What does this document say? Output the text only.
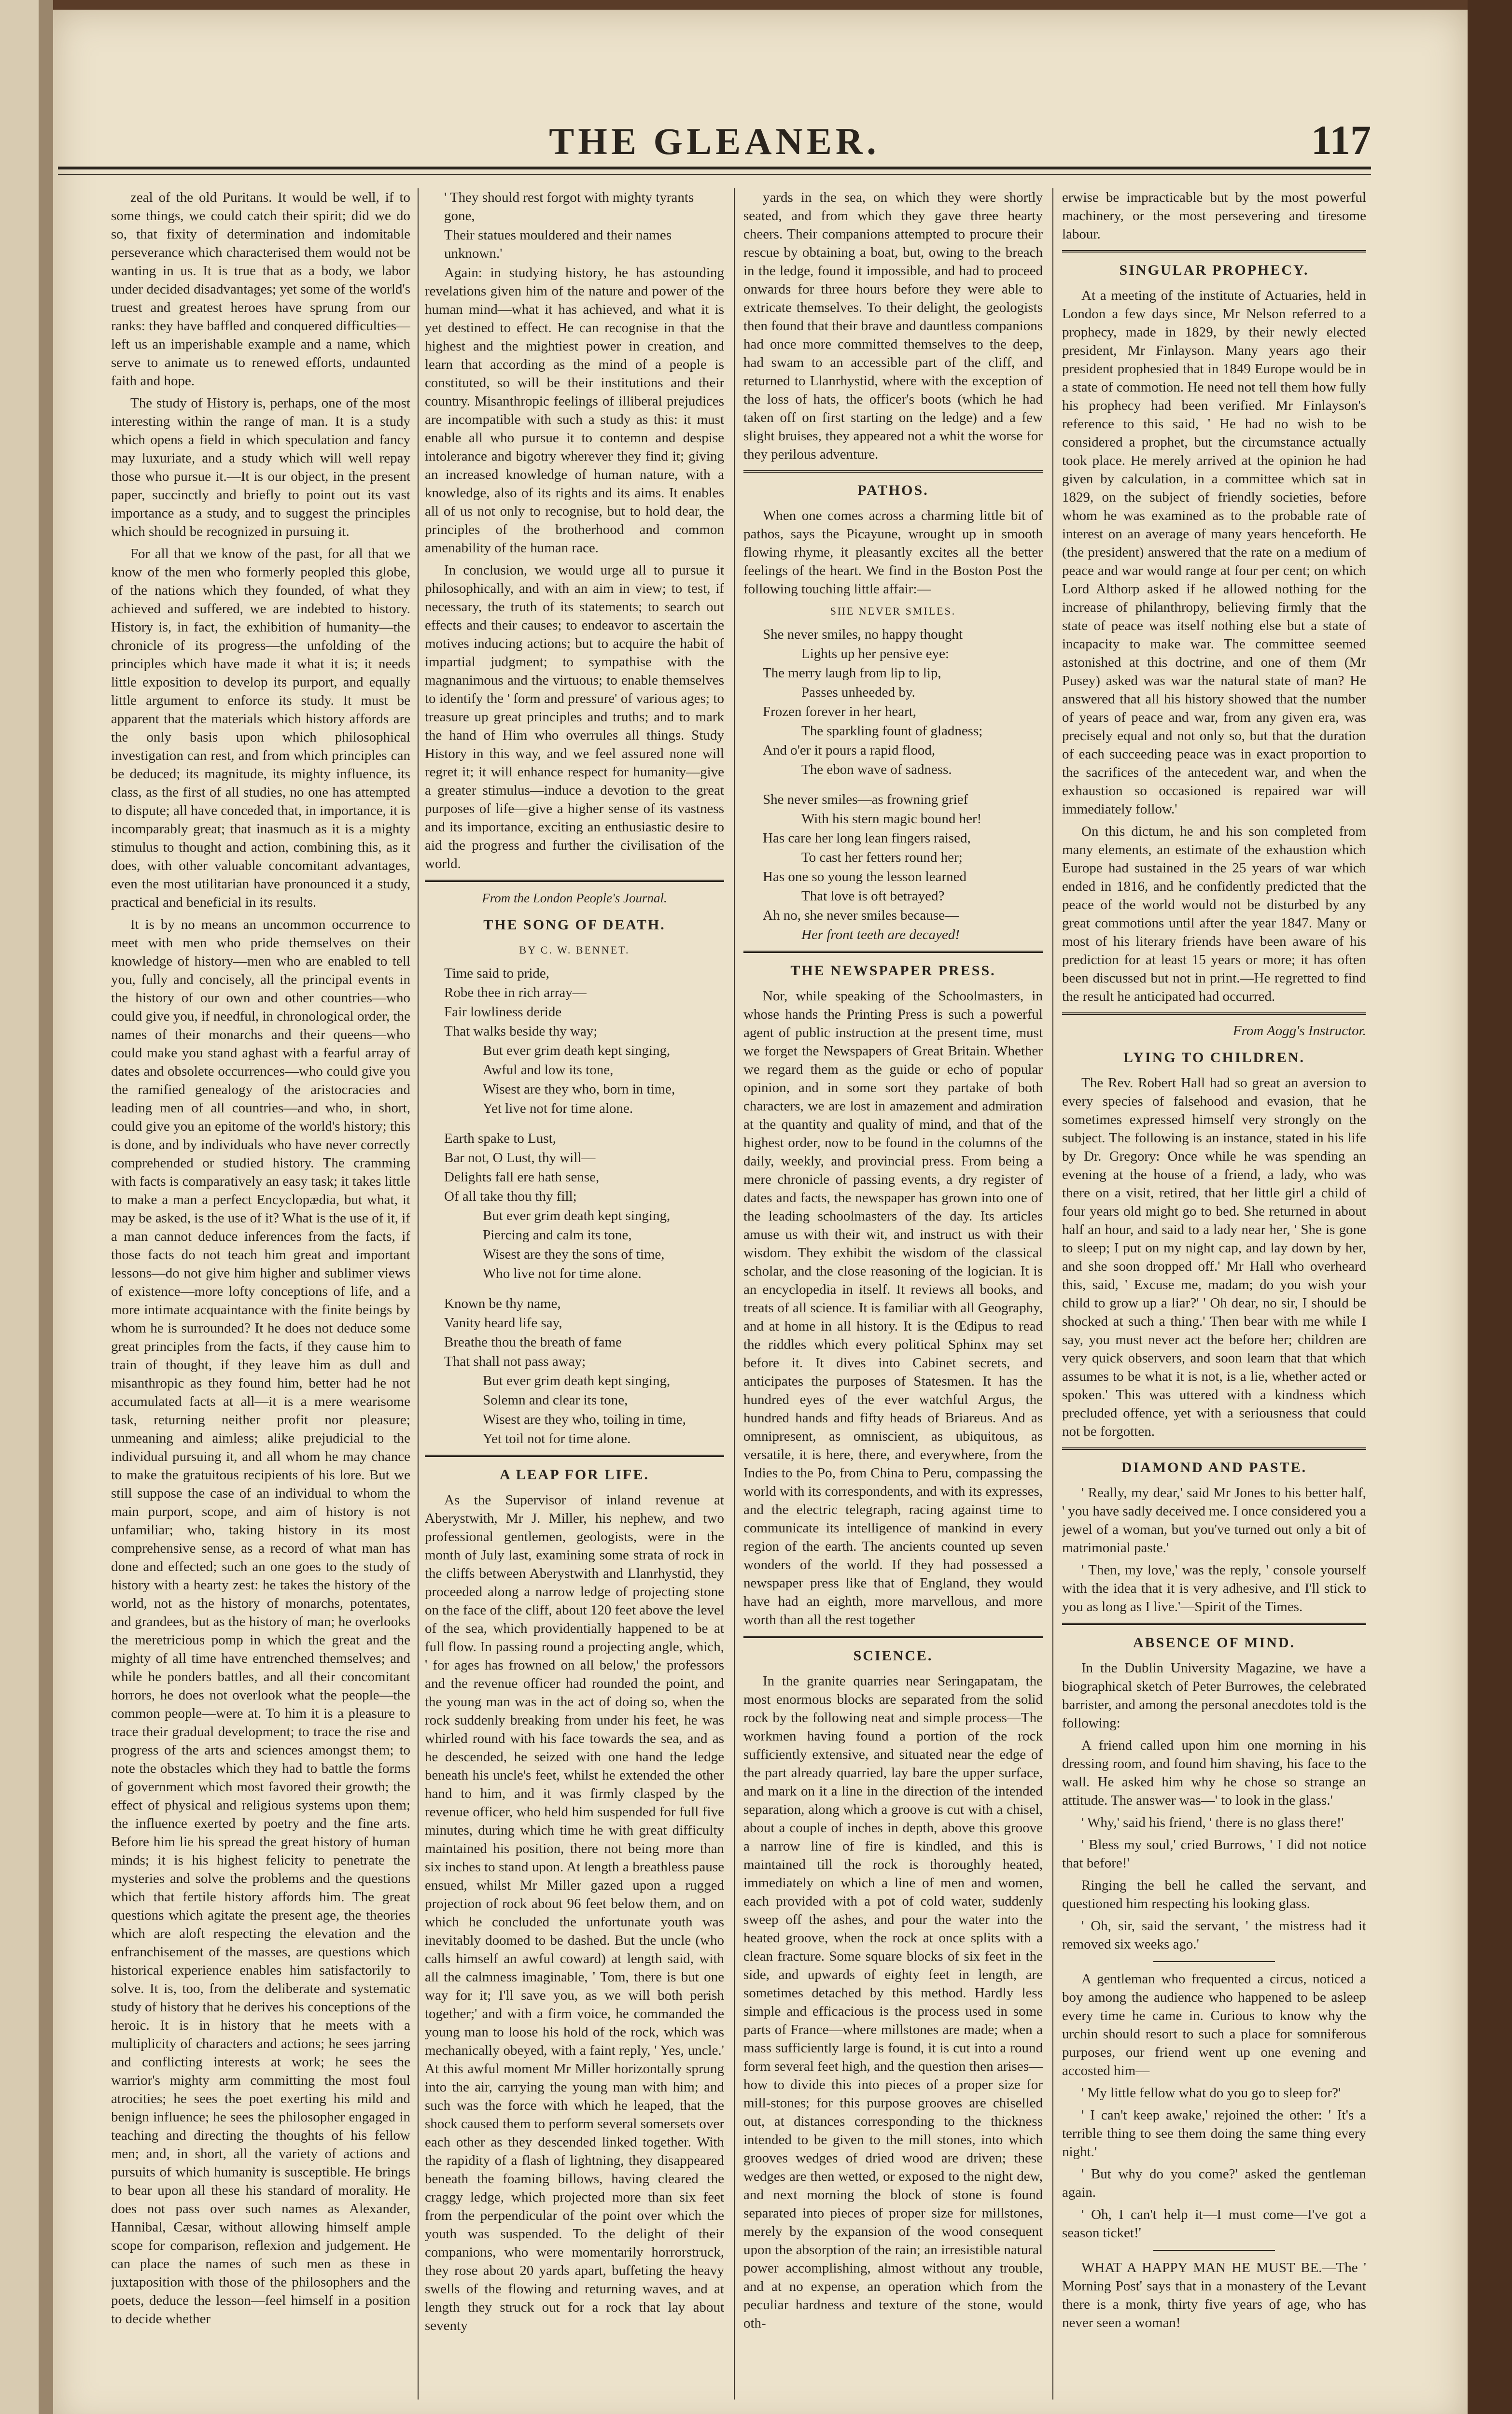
THE GLEANER.	117

zeal of the old Puritans. It would be well, if to some things, we could catch their spirit; did we do so, that fixity of determination and indomitable perseverance which characterised them would not be wanting in us. It is true that as a body, we labor under decided disadvantages; yet some of the world's truest and greatest heroes have sprung from our ranks: they have baffled and conquered difficulties—left us an imperishable example and a name, which serve to animate us to renewed efforts, undaunted faith and hope.

The study of History is, perhaps, one of the most interesting within the range of man. It is a study which opens a field in which speculation and fancy may luxuriate, and a study which will well repay those who pursue it.—It is our object, in the present paper, succinctly and briefly to point out its vast importance as a study, and to suggest the principles which should be recognized in pursuing it.

For all that we know of the past, for all that we know of the men who formerly peopled this globe, of the nations which they founded, of what they achieved and suffered, we are indebted to history. History is, in fact, the exhibition of humanity—the chronicle of its progress—the unfolding of the principles which have made it what it is; it needs little exposition to develop its purport, and equally little argument to enforce its study. It must be apparent that the materials which history affords are the only basis upon which philosophical investigation can rest, and from which principles can be deduced; its magnitude, its mighty influence, its class, as the first of all studies, no one has attempted to dispute; all have conceded that, in importance, it is incomparably great; that inasmuch as it is a mighty stimulus to thought and action, combining this, as it does, with other valuable concomitant advantages, even the most utilitarian have pronounced it a study, practical and beneficial in its results.

It is by no means an uncommon occurrence to meet with men who pride themselves on their knowledge of history—men who are enabled to tell you, fully and concisely, all the principal events in the history of our own and other countries—who could give you, if needful, in chronological order, the names of their monarchs and their queens—who could make you stand aghast with a fearful array of dates and obsolete occurrences—who could give you the ramified genealogy of the aristocracies and leading men of all countries—and who, in short, could give you an epitome of the world's history; this is done, and by individuals who have never correctly comprehended or studied history. The cramming with facts is comparatively an easy task; it takes little to make a man a perfect Encyclopædia, but what, it may be asked, is the use of it? What is the use of it, if a man cannot deduce inferences from the facts, if those facts do not teach him great and important lessons—do not give him higher and sublimer views of existence—more lofty conceptions of life, and a more intimate acquaintance with the finite beings by whom he is surrounded? It he does not deduce some great principles from the facts, if they cause him to train of thought, if they leave him as dull and misanthropic as they found him, better had he not accumulated facts at all—it is a mere wearisome task, returning neither profit nor pleasure; unmeaning and aimless; alike prejudicial to the individual pursuing it, and all whom he may chance to make the gratuitous recipients of his lore. But we still suppose the case of an individual to whom the main purport, scope, and aim of history is not unfamiliar; who, taking history in its most comprehensive sense, as a record of what man has done and effected; such an one goes to the study of history with a hearty zest: he takes the history of the world, not as the history of monarchs, potentates, and grandees, but as the history of man; he overlooks the meretricious pomp in which the great and the mighty of all time have entrenched themselves; and while he ponders battles, and all their concomitant horrors, he does not overlook what the people—the common people—were at. To him it is a pleasure to trace their gradual development; to trace the rise and progress of the arts and sciences amongst them; to note the obstacles which they had to battle the forms of government which most favored their growth; the effect of physical and religious systems upon them; the influence exerted by poetry and the fine arts. Before him lie his spread the great history of human minds; it is his highest felicity to penetrate the mysteries and solve the problems and the questions which that fertile history affords him. The great questions which agitate the present age, the theories which are aloft respecting the elevation and the enfranchisement of the masses, are questions which historical experience enables him satisfactorily to solve. It is, too, from the deliberate and systematic study of history that he derives his conceptions of the heroic. It is in history that he meets with a multiplicity of characters and actions; he sees jarring and conflicting interests at work; he sees the warrior's mighty arm committing the most foul atrocities; he sees the poet exerting his mild and benign influence; he sees the philosopher engaged in teaching and directing the thoughts of his fellow men; and, in short, all the variety of actions and pursuits of which humanity is susceptible. He brings to bear upon all these his standard of morality. He does not pass over such names as Alexander, Hannibal, Cæsar, without allowing himself ample scope for comparison, reflexion and judgement. He can place the names of such men as these in juxtaposition with those of the philosophers and the poets, deduce the lesson—feel himself in a position to decide whether

' They should rest forgot with mighty tyrants gone,

Their statues mouldered and their names unknown.'

Again: in studying history, he has astounding revelations given him of the nature and power of the human mind—what it has achieved, and what it is yet destined to effect. He can recognise in that the highest and the mightiest power in creation, and learn that according as the mind of a people is constituted, so will be their institutions and their country. Misanthropic feelings of illiberal prejudices are incompatible with such a study as this: it must enable all who pursue it to contemn and despise intolerance and bigotry wherever they find it; giving an increased knowledge of human nature, with a knowledge, also of its rights and its aims. It enables all of us not only to recognise, but to hold dear, the principles of the brotherhood and common amenability of the human race.

In conclusion, we would urge all to pursue it philosophically, and with an aim in view; to test, if necessary, the truth of its statements; to search out effects and their causes; to endeavor to ascertain the motives inducing actions; but to acquire the habit of impartial judgment; to sympathise with the magnanimous and the virtuous; to enable themselves to identify the ' form and pressure' of various ages; to treasure up great principles and truths; and to mark the hand of Him who overrules all things. Study History in this way, and we feel assured none will regret it; it will enhance respect for humanity—give a greater stimulus—induce a devotion to the great purposes of life—give a higher sense of its vastness and its importance, exciting an enthusiastic desire to aid the progress and further the civilisation of the world.

From the London People's Journal.

THE SONG OF DEATH.

BY C. W. BENNET.

Time said to pride,

Robe thee in rich array—

Fair lowliness deride

That walks beside thy way;

But ever grim death kept singing,

Awful and low its tone,

Wisest are they who, born in time,

Yet live not for time alone.

Earth spake to Lust,

Bar not, O Lust, thy will—

Delights fall ere hath sense,

Of all take thou thy fill;

But ever grim death kept singing,

Piercing and calm its tone,

Wisest are they the sons of time,

Who live not for time alone.

Known be thy name,

Vanity heard life say,

Breathe thou the breath of fame

That shall not pass away;

But ever grim death kept singing,

Solemn and clear its tone,

Wisest are they who, toiling in time,

Yet toil not for time alone.

A LEAP FOR LIFE.

As the Supervisor of inland revenue at Aberystwith, Mr J. Miller, his nephew, and two professional gentlemen, geologists, were in the month of July last, examining some strata of rock in the cliffs between Aberystwith and Llanrhystid, they proceeded along a narrow ledge of projecting stone on the face of the cliff, about 120 feet above the level of the sea, which providentially happened to be at full flow. In passing round a projecting angle, which, ' for ages has frowned on all below,' the professors and the revenue officer had rounded the point, and the young man was in the act of doing so, when the rock suddenly breaking from under his feet, he was whirled round with his face towards the sea, and as he descended, he seized with one hand the ledge beneath his uncle's feet, whilst he extended the other hand to him, and it was firmly clasped by the revenue officer, who held him suspended for full five minutes, during which time he with great difficulty maintained his position, there not being more than six inches to stand upon. At length a breathless pause ensued, whilst Mr Miller gazed upon a rugged projection of rock about 96 feet below them, and on which he concluded the unfortunate youth was inevitably doomed to be dashed. But the uncle (who calls himself an awful coward) at length said, with all the calmness imaginable, ' Tom, there is but one way for it; I'll save you, as we will both perish together;' and with a firm voice, he commanded the young man to loose his hold of the rock, which was mechanically obeyed, with a faint reply, ' Yes, uncle.' At this awful moment Mr Miller horizontally sprung into the air, carrying the young man with him; and such was the force with which he leaped, that the shock caused them to perform several somersets over each other as they descended linked together. With the rapidity of a flash of lightning, they disappeared beneath the foaming billows, having cleared the craggy ledge, which projected more than six feet from the perpendicular of the point over which the youth was suspended. To the delight of their companions, who were momentarily horrorstruck, they rose about 20 yards apart, buffeting the heavy swells of the flowing and returning waves, and at length they struck out for a rock that lay about seventy

yards in the sea, on which they were shortly seated, and from which they gave three hearty cheers. Their companions attempted to procure their rescue by obtaining a boat, but, owing to the breach in the ledge, found it impossible, and had to proceed onwards for three hours before they were able to extricate themselves. To their delight, the geologists then found that their brave and dauntless companions had once more committed themselves to the deep, had swam to an accessible part of the cliff, and returned to Llanrhystid, where with the exception of the loss of hats, the officer's boots (which he had taken off on first starting on the ledge) and a few slight bruises, they appeared not a whit the worse for they perilous adventure.

PATHOS.

When one comes across a charming little bit of pathos, says the Picayune, wrought up in smooth flowing rhyme, it pleasantly excites all the better feelings of the heart. We find in the Boston Post the following touching little affair:—

SHE NEVER SMILES.

She never smiles, no happy thought

Lights up her pensive eye:

The merry laugh from lip to lip,

Passes unheeded by.

Frozen forever in her heart,

The sparkling fount of gladness;

And o'er it pours a rapid flood,

The ebon wave of sadness.

She never smiles—as frowning grief

With his stern magic bound her!

Has care her long lean fingers raised,

To cast her fetters round her;

Has one so young the lesson learned

That love is oft betrayed?

Ah no, she never smiles because—

Her front teeth are decayed!

THE NEWSPAPER PRESS.

Nor, while speaking of the Schoolmasters, in whose hands the Printing Press is such a powerful agent of public instruction at the present time, must we forget the Newspapers of Great Britain. Whether we regard them as the guide or echo of popular opinion, and in some sort they partake of both characters, we are lost in amazement and admiration at the quantity and quality of mind, and that of the highest order, now to be found in the columns of the daily, weekly, and provincial press. From being a mere chronicle of passing events, a dry register of dates and facts, the newspaper has grown into one of the leading schoolmasters of the day. Its articles amuse us with their wit, and instruct us with their wisdom. They exhibit the wisdom of the classical scholar, and the close reasoning of the logician. It is an encyclopedia in itself. It reviews all books, and treats of all science. It is familiar with all Geography, and at home in all history. It is the Œdipus to read the riddles which every political Sphinx may set before it. It dives into Cabinet secrets, and anticipates the purposes of Statesmen. It has the hundred eyes of the ever watchful Argus, the hundred hands and fifty heads of Briareus. And as omnipresent, as omniscient, as ubiquitous, as versatile, it is here, there, and everywhere, from the Indies to the Po, from China to Peru, compassing the world with its correspondents, and with its expresses, and the electric telegraph, racing against time to communicate its intelligence of mankind in every region of the earth. The ancients counted up seven wonders of the world. If they had possessed a newspaper press like that of England, they would have had an eighth, more marvellous, and more worth than all the rest together

SCIENCE.

In the granite quarries near Seringapatam, the most enormous blocks are separated from the solid rock by the following neat and simple process—The workmen having found a portion of the rock sufficiently extensive, and situated near the edge of the part already quarried, lay bare the upper surface, and mark on it a line in the direction of the intended separation, along which a groove is cut with a chisel, about a couple of inches in depth, above this groove a narrow line of fire is kindled, and this is maintained till the rock is thoroughly heated, immediately on which a line of men and women, each provided with a pot of cold water, suddenly sweep off the ashes, and pour the water into the heated groove, when the rock at once splits with a clean fracture. Some square blocks of six feet in the side, and upwards of eighty feet in length, are sometimes detached by this method. Hardly less simple and efficacious is the process used in some parts of France—where millstones are made; when a mass sufficiently large is found, it is cut into a round form several feet high, and the question then arises—how to divide this into pieces of a proper size for mill-stones; for this purpose grooves are chiselled out, at distances corresponding to the thickness intended to be given to the mill stones, into which grooves wedges of dried wood are driven; these wedges are then wetted, or exposed to the night dew, and next morning the block of stone is found separated into pieces of proper size for millstones, merely by the expansion of the wood consequent upon the absorption of the rain; an irresistible natural power accomplishing, almost without any trouble, and at no expense, an operation which from the peculiar hardness and texture of the stone, would oth-

erwise be impracticable but by the most powerful machinery, or the most persevering and tiresome labour.

SINGULAR PROPHECY.

At a meeting of the institute of Actuaries, held in London a few days since, Mr Nelson referred to a prophecy, made in 1829, by their newly elected president, Mr Finlayson. Many years ago their president prophesied that in 1849 Europe would be in a state of commotion. He need not tell them how fully his prophecy had been verified. Mr Finlayson's reference to this said, ' He had no wish to be considered a prophet, but the circumstance actually took place. He merely arrived at the opinion he had given by calculation, in a committee which sat in 1829, on the subject of friendly societies, before whom he was examined as to the probable rate of interest on an average of many years henceforth. He (the president) answered that the rate on a medium of peace and war would range at four per cent; on which Lord Althorp asked if he allowed nothing for the increase of philanthropy, believing firmly that the state of peace was itself nothing else but a state of incapacity to make war. The committee seemed astonished at this doctrine, and one of them (Mr Pusey) asked was war the natural state of man? He answered that all his history showed that the number of years of peace and war, from any given era, was precisely equal and not only so, but that the duration of each succeeding peace was in exact proportion to the sacrifices of the antecedent war, and when the exhaustion so occasioned is repaired war will immediately follow.'

On this dictum, he and his son completed from many elements, an estimate of the exhaustion which Europe had sustained in the 25 years of war which ended in 1816, and he confidently predicted that the peace of the world would not be disturbed by any great commotions until after the year 1847. Many or most of his literary friends have been aware of his prediction for at least 15 years or more; it has often been discussed but not in print.—He regretted to find the result he anticipated had occurred.

From Aogg's Instructor.

LYING TO CHILDREN.

The Rev. Robert Hall had so great an aversion to every species of falsehood and evasion, that he sometimes expressed himself very strongly on the subject. The following is an instance, stated in his life by Dr. Gregory: Once while he was spending an evening at the house of a friend, a lady, who was there on a visit, retired, that her little girl a child of four years old might go to bed. She returned in about half an hour, and said to a lady near her, ' She is gone to sleep; I put on my night cap, and lay down by her, and she soon dropped off.' Mr Hall who overheard this, said, ' Excuse me, madam; do you wish your child to grow up a liar?' ' Oh dear, no sir, I should be shocked at such a thing.' Then bear with me while I say, you must never act the before her; children are very quick observers, and soon learn that that which assumes to be what it is not, is a lie, whether acted or spoken.' This was uttered with a kindness which precluded offence, yet with a seriousness that could not be forgotten.

DIAMOND AND PASTE.

' Really, my dear,' said Mr Jones to his better half, ' you have sadly deceived me. I once considered you a jewel of a woman, but you've turned out only a bit of matrimonial paste.'

' Then, my love,' was the reply, ' console yourself with the idea that it is very adhesive, and I'll stick to you as long as I live.'—Spirit of the Times.

ABSENCE OF MIND.

In the Dublin University Magazine, we have a biographical sketch of Peter Burrowes, the celebrated barrister, and among the personal anecdotes told is the following:

A friend called upon him one morning in his dressing room, and found him shaving, his face to the wall. He asked him why he chose so strange an attitude. The answer was—' to look in the glass.'

' Why,' said his friend, ' there is no glass there!'

' Bless my soul,' cried Burrows, ' I did not notice that before!'

Ringing the bell he called the servant, and questioned him respecting his looking glass.

' Oh, sir, said the servant, ' the mistress had it removed six weeks ago.'

A gentleman who frequented a circus, noticed a boy among the audience who happened to be asleep every time he came in. Curious to know why the urchin should resort to such a place for somniferous purposes, our friend went up one evening and accosted him—

' My little fellow what do you go to sleep for?'

' I can't keep awake,' rejoined the other: ' It's a terrible thing to see them doing the same thing every night.'

' But why do you come?' asked the gentleman again.

' Oh, I can't help it—I must come—I've got a season ticket!'

WHAT A HAPPY MAN HE MUST BE.—The ' Morning Post' says that in a monastery of the Levant there is a monk, thirty five years of age, who has never seen a woman!
